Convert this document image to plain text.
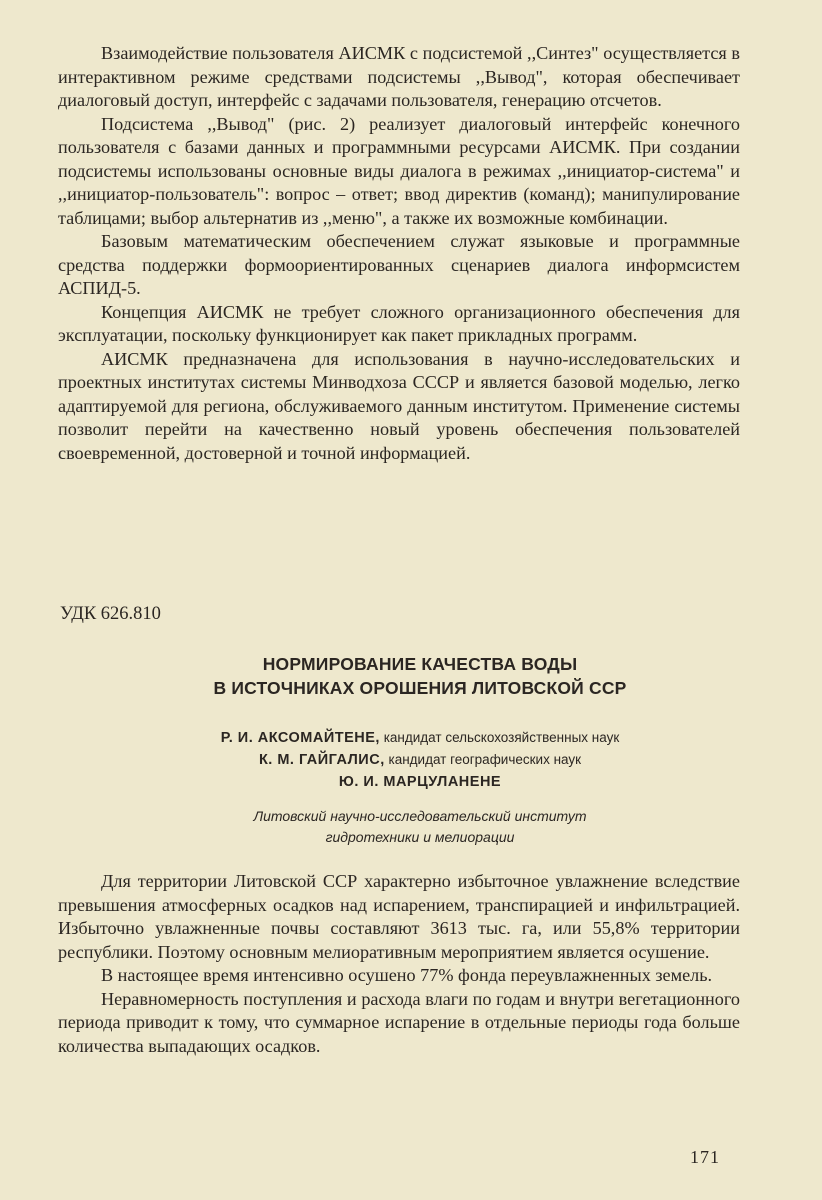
Взаимодействие пользователя АИСМК с подсистемой ,,Синтез" осуществляется в интерактивном режиме средствами подсистемы ,,Вывод", которая обеспечивает диалоговый доступ, интерфейс с задачами пользователя, генерацию отсчетов.

Подсистема ,,Вывод" (рис. 2) реализует диалоговый интерфейс конечного пользователя с базами данных и программными ресурсами АИСМК. При создании подсистемы использованы основные виды диалога в режимах ,,инициатор-система" и ,,инициатор-пользователь": вопрос – ответ; ввод директив (команд); манипулирование таблицами; выбор альтернатив из ,,меню", а также их возможные комбинации.

Базовым математическим обеспечением служат языковые и программные средства поддержки формоориентированных сценариев диалога информсистем АСПИД-5.

Концепция АИСМК не требует сложного организационного обеспечения для эксплуатации, поскольку функционирует как пакет прикладных программ.

АИСМК предназначена для использования в научно-исследовательских и проектных институтах системы Минводхоза СССР и является базовой моделью, легко адаптируемой для региона, обслуживаемого данным институтом. Применение системы позволит перейти на качественно новый уровень обеспечения пользователей своевременной, достоверной и точной информацией.

УДК 626.810
НОРМИРОВАНИЕ КАЧЕСТВА ВОДЫ
В ИСТОЧНИКАХ ОРОШЕНИЯ ЛИТОВСКОЙ ССР
Р. И. АКСОМАЙТЕНЕ, кандидат сельскохозяйственных наук
К. М. ГАЙГАЛИС, кандидат географических наук
Ю. И. МАРЦУЛАНЕНЕ
Литовский научно-исследовательский институт
гидротехники и мелиорации

Для территории Литовской ССР характерно избыточное увлажнение вследствие превышения атмосферных осадков над испарением, транспирацией и инфильтрацией. Избыточно увлажненные почвы составляют 3613 тыс. га, или 55,8% территории республики. Поэтому основным мелиоративным мероприятием является осушение.

В настоящее время интенсивно осушено 77% фонда переувлажненных земель.

Неравномерность поступления и расхода влаги по годам и внутри вегетационного периода приводит к тому, что суммарное испарение в отдельные периоды года больше количества выпадающих осадков.

171
